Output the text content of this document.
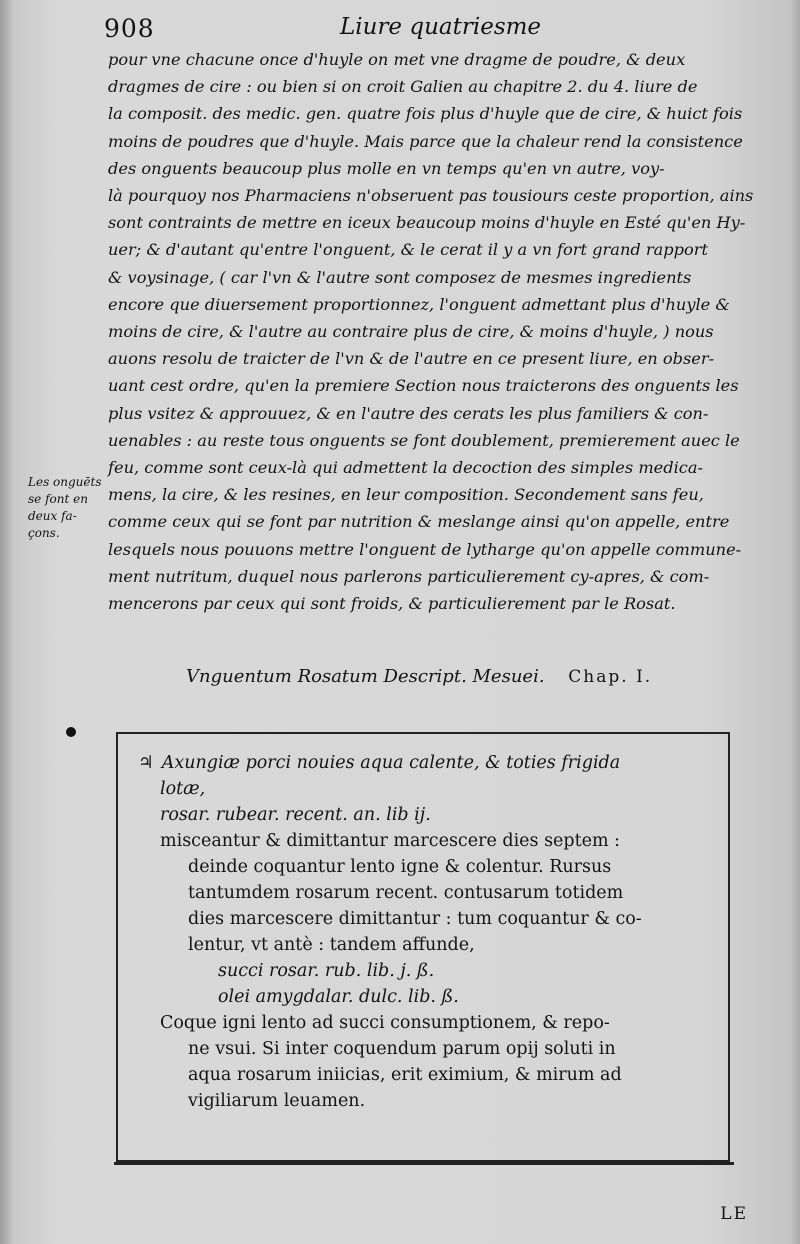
908	Liure quatriesme
pour vne chacune once d'huyle on met vne dragme de poudre, & deux
dragmes de cire : ou bien si on croit Galien au chapitre 2. du 4. liure de
la composit. des medic. gen. quatre fois plus d'huyle que de cire, & huict fois
moins de poudres que d'huyle. Mais parce que la chaleur rend la consistence
des onguents beaucoup plus molle en vn temps qu'en vn autre, voy-
là pourquoy nos Pharmaciens n'obseruent pas tousiours ceste proportion, ains
sont contraints de mettre en iceux beaucoup moins d'huyle en Esté qu'en Hy-
uer; & d'autant qu'entre l'onguent, & le cerat il y a vn fort grand rapport
& voysinage, ( car l'vn & l'autre sont composez de mesmes ingredients
encore que diuersement proportionnez, l'onguent admettant plus d'huyle &
moins de cire, & l'autre au contraire plus de cire, & moins d'huyle, ) nous
auons resolu de traicter de l'vn & de l'autre en ce present liure, en obser-
uant cest ordre, qu'en la premiere Section nous traicterons des onguents les
plus vsitez & approuuez, & en l'autre des cerats les plus familiers & con-
uenables : au reste tous onguents se font doublement, premierement auec le
feu, comme sont ceux-là qui admettent la decoction des simples medica-
mens, la cire, & les resines, en leur composition. Secondement sans feu,
comme ceux qui se font par nutrition & meslange ainsi qu'on appelle, entre
lesquels nous pouuons mettre l'onguent de lytharge qu'on appelle commune-
ment nutritum, duquel nous parlerons particulierement cy-apres, & com-
mencerons par ceux qui sont froids, & particulierement par le Rosat.
Les onguēts
se font en
deux fa-
çons.
Vnguentum Rosatum Descript. Mesuei. Chap. I.
♃ Axungiæ porci nouies aqua calente, & toties frigida
lotæ,
rosar. rubear. recent. an. lib ij.
misceantur & dimittantur marcescere dies septem :
deinde coquantur lento igne & colentur. Rursus
tantumdem rosarum recent. contusarum totidem
dies marcescere dimittantur : tum coquantur & co-
lentur, vt antè : tandem affunde,
succi rosar. rub. lib. j. ß.
olei amygdalar. dulc. lib. ß.
Coque igni lento ad succi consumptionem, & repo-
ne vsui. Si inter coquendum parum opij soluti in
aqua rosarum iniicias, erit eximium, & mirum ad
vigiliarum leuamen.
LE
